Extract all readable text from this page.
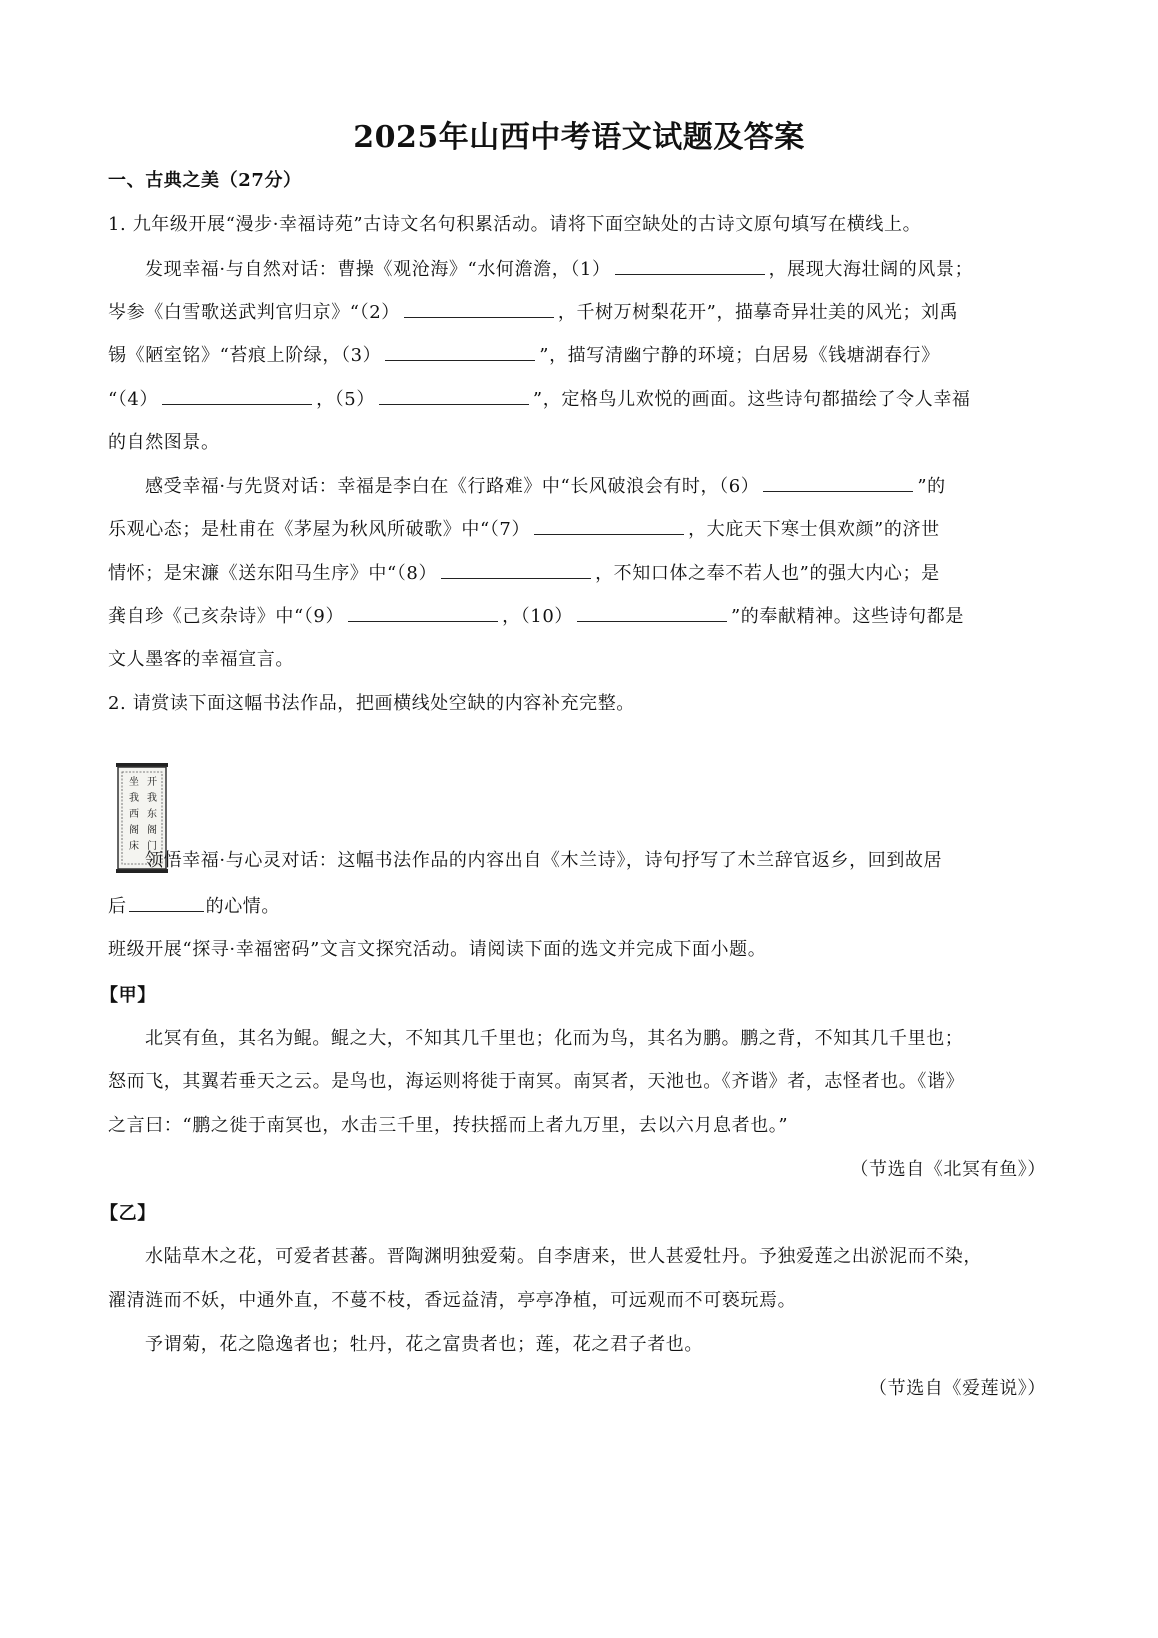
2025年山西中考语文试题及答案
一、古典之美（27分）
1. 九年级开展“漫步·幸福诗苑”古诗文名句积累活动。请将下面空缺处的古诗文原句填写在横线上。
发现幸福·与自然对话：曹操《观沧海》“水何澹澹，（1）	，展现大海壮阔的风景；
岑参《白雪歌送武判官归京》“（2）	，千树万树梨花开”，描摹奇异壮美的风光；刘禹
锡《陋室铭》“苔痕上阶绿，（3）	”，描写清幽宁静的环境；白居易《钱塘湖春行》
“（4）	，（5）	”，定格鸟儿欢悦的画面。这些诗句都描绘了令人幸福
的自然图景。
感受幸福·与先贤对话：幸福是李白在《行路难》中“长风破浪会有时，（6）	”的
乐观心态；是杜甫在《茅屋为秋风所破歌》中“（7）	，大庇天下寒士俱欢颜”的济世
情怀；是宋濂《送东阳马生序》中“（8）	，不知口体之奉不若人也”的强大内心；是
龚自珍《己亥杂诗》中“（9）	，（10）	”的奉献精神。这些诗句都是
文人墨客的幸福宣言。
2. 请赏读下面这幅书法作品，把画横线处空缺的内容补充完整。
开我东阁门
坐我西阁床
领悟幸福·与心灵对话：这幅书法作品的内容出自《木兰诗》，诗句抒写了木兰辞官返乡，回到故居
后	的心情。
班级开展“探寻·幸福密码”文言文探究活动。请阅读下面的选文并完成下面小题。
【甲】
北冥有鱼，其名为鲲。鲲之大，不知其几千里也；化而为鸟，其名为鹏。鹏之背，不知其几千里也；
怒而飞，其翼若垂天之云。是鸟也，海运则将徙于南冥。南冥者，天池也。《齐谐》者，志怪者也。《谐》
之言曰：“鹏之徙于南冥也，水击三千里，抟扶摇而上者九万里，去以六月息者也。”
（节选自《北冥有鱼》）
【乙】
水陆草木之花，可爱者甚蕃。晋陶渊明独爱菊。自李唐来，世人甚爱牡丹。予独爱莲之出淤泥而不染，
濯清涟而不妖，中通外直，不蔓不枝，香远益清，亭亭净植，可远观而不可亵玩焉。
予谓菊，花之隐逸者也；牡丹，花之富贵者也；莲，花之君子者也。
（节选自《爱莲说》）
